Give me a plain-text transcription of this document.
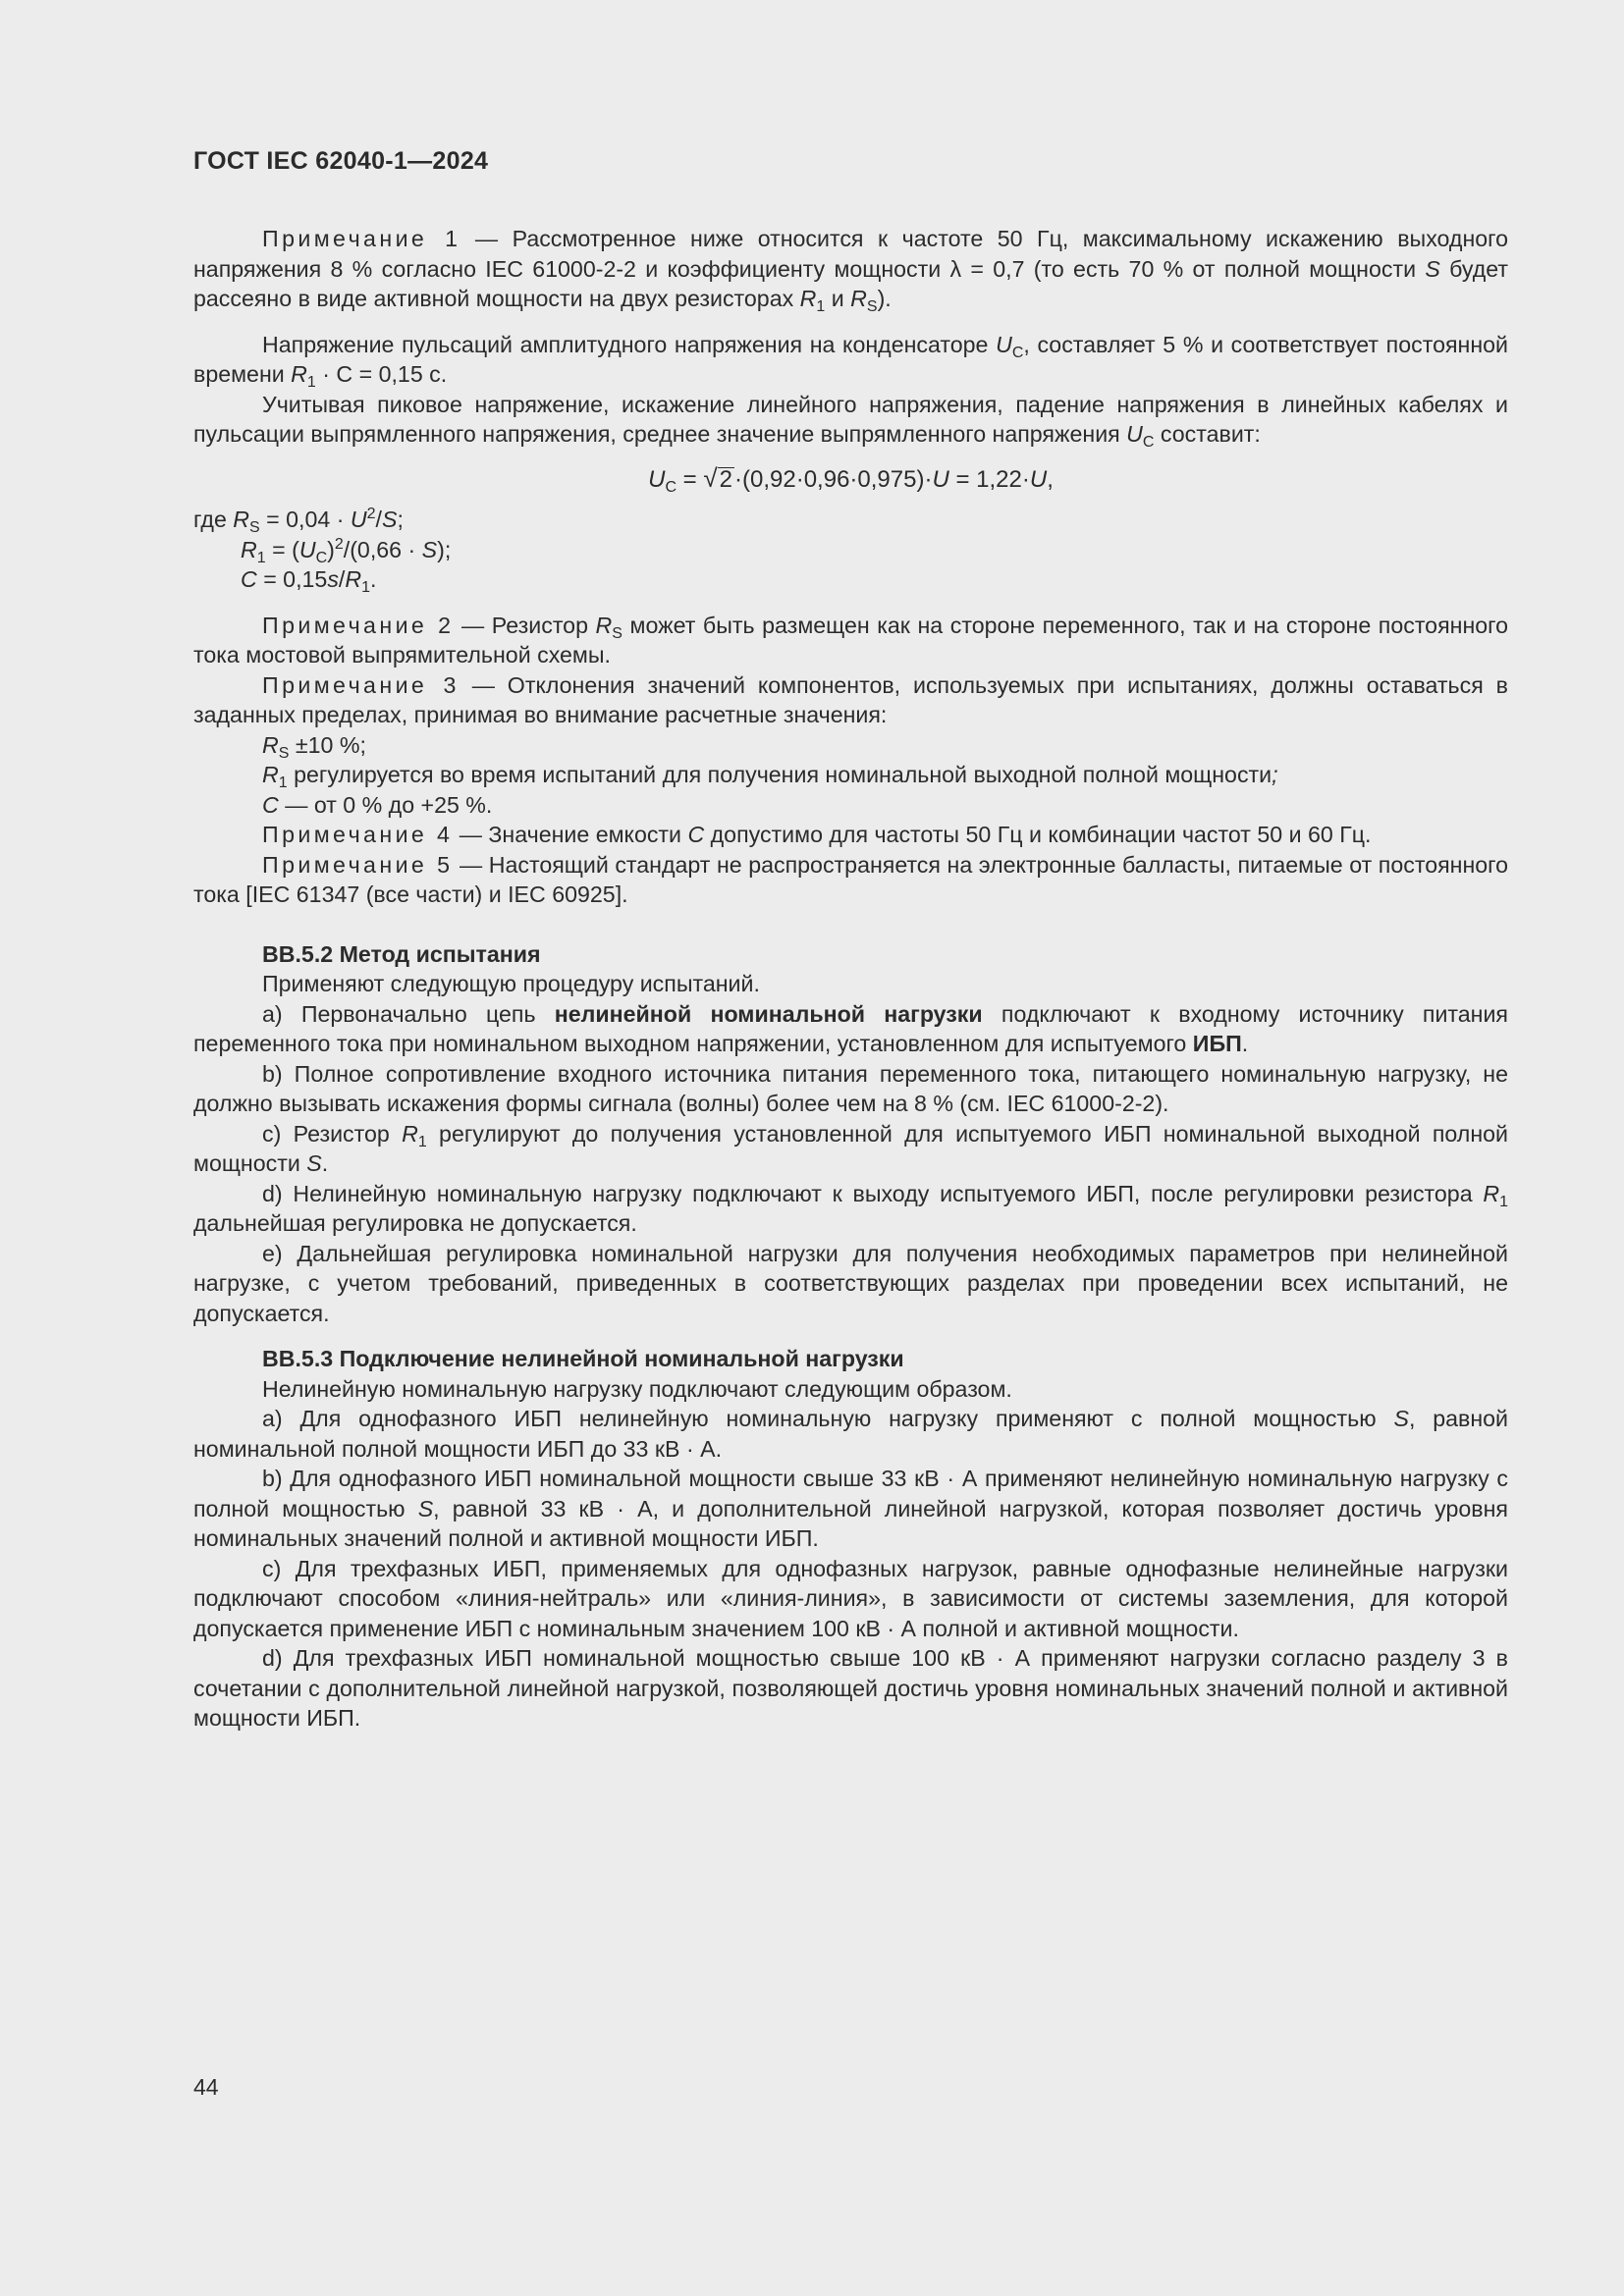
ГОСТ IEC 62040-1—2024

Примечание 1 — Рассмотренное ниже относится к частоте 50 Гц, максимальному искажению выходного напряжения 8 % согласно IEC 61000-2-2 и коэффициенту мощности λ = 0,7 (то есть 70 % от полной мощности S будет рассеяно в виде активной мощности на двух резисторах $R_1$ и $R_S$).

Напряжение пульсаций амплитудного напряжения на конденсаторе $U_C$, составляет 5 % и соответствует постоянной времени $R_1 \cdot C = 0,15$ с.

Учитывая пиковое напряжение, искажение линейного напряжения, падение напряжения в линейных кабелях и пульсации выпрямленного напряжения, среднее значение выпрямленного напряжения $U_C$ составит:

$U_C = √2\cdot(0,92\cdot 0,96\cdot 0,975)\cdot U = 1,22\cdot U$,

где $R_S = 0,04 \cdot U^2/S$;

$R_1 = (U_C)^2/(0,66 \cdot S)$;

$C = 0,15s/R_1$.

Примечание 2 — Резистор $R_S$ может быть размещен как на стороне переменного, так и на стороне постоянного тока мостовой выпрямительной схемы.

Примечание 3 — Отклонения значений компонентов, используемых при испытаниях, должны оставаться в заданных пределах, принимая во внимание расчетные значения:

$R_S \pm 10$ %;

$R_1$ регулируется во время испытаний для получения номинальной выходной полной мощности;

C — от 0 % до +25 %.

Примечание 4 — Значение емкости C допустимо для частоты 50 Гц и комбинации частот 50 и 60 Гц.

Примечание 5 — Настоящий стандарт не распространяется на электронные балласты, питаемые от постоянного тока [IEC 61347 (все части) и IEC 60925].

BB.5.2 Метод испытания

Применяют следующую процедуру испытаний.

a) Первоначально цепь нелинейной номинальной нагрузки подключают к входному источнику питания переменного тока при номинальном выходном напряжении, установленном для испытуемого ИБП.

b) Полное сопротивление входного источника питания переменного тока, питающего номинальную нагрузку, не должно вызывать искажения формы сигнала (волны) более чем на 8 % (см. IEC 61000-2-2).

c) Резистор $R_1$ регулируют до получения установленной для испытуемого ИБП номинальной выходной полной мощности S.

d) Нелинейную номинальную нагрузку подключают к выходу испытуемого ИБП, после регулировки резистора $R_1$ дальнейшая регулировка не допускается.

e) Дальнейшая регулировка номинальной нагрузки для получения необходимых параметров при нелинейной нагрузке, с учетом требований, приведенных в соответствующих разделах при проведении всех испытаний, не допускается.

BB.5.3 Подключение нелинейной номинальной нагрузки

Нелинейную номинальную нагрузку подключают следующим образом.

a) Для однофазного ИБП нелинейную номинальную нагрузку применяют с полной мощностью S, равной номинальной полной мощности ИБП до 33 кВ · А.

b) Для однофазного ИБП номинальной мощности свыше 33 кВ · А применяют нелинейную номинальную нагрузку с полной мощностью S, равной 33 кВ · А, и дополнительной линейной нагрузкой, которая позволяет достичь уровня номинальных значений полной и активной мощности ИБП.

c) Для трехфазных ИБП, применяемых для однофазных нагрузок, равные однофазные нелинейные нагрузки подключают способом «линия-нейтраль» или «линия-линия», в зависимости от системы заземления, для которой допускается применение ИБП с номинальным значением 100 кВ · А полной и активной мощности.

d) Для трехфазных ИБП номинальной мощностью свыше 100 кВ · А применяют нагрузки согласно разделу 3 в сочетании с дополнительной линейной нагрузкой, позволяющей достичь уровня номинальных значений полной и активной мощности ИБП.

44
